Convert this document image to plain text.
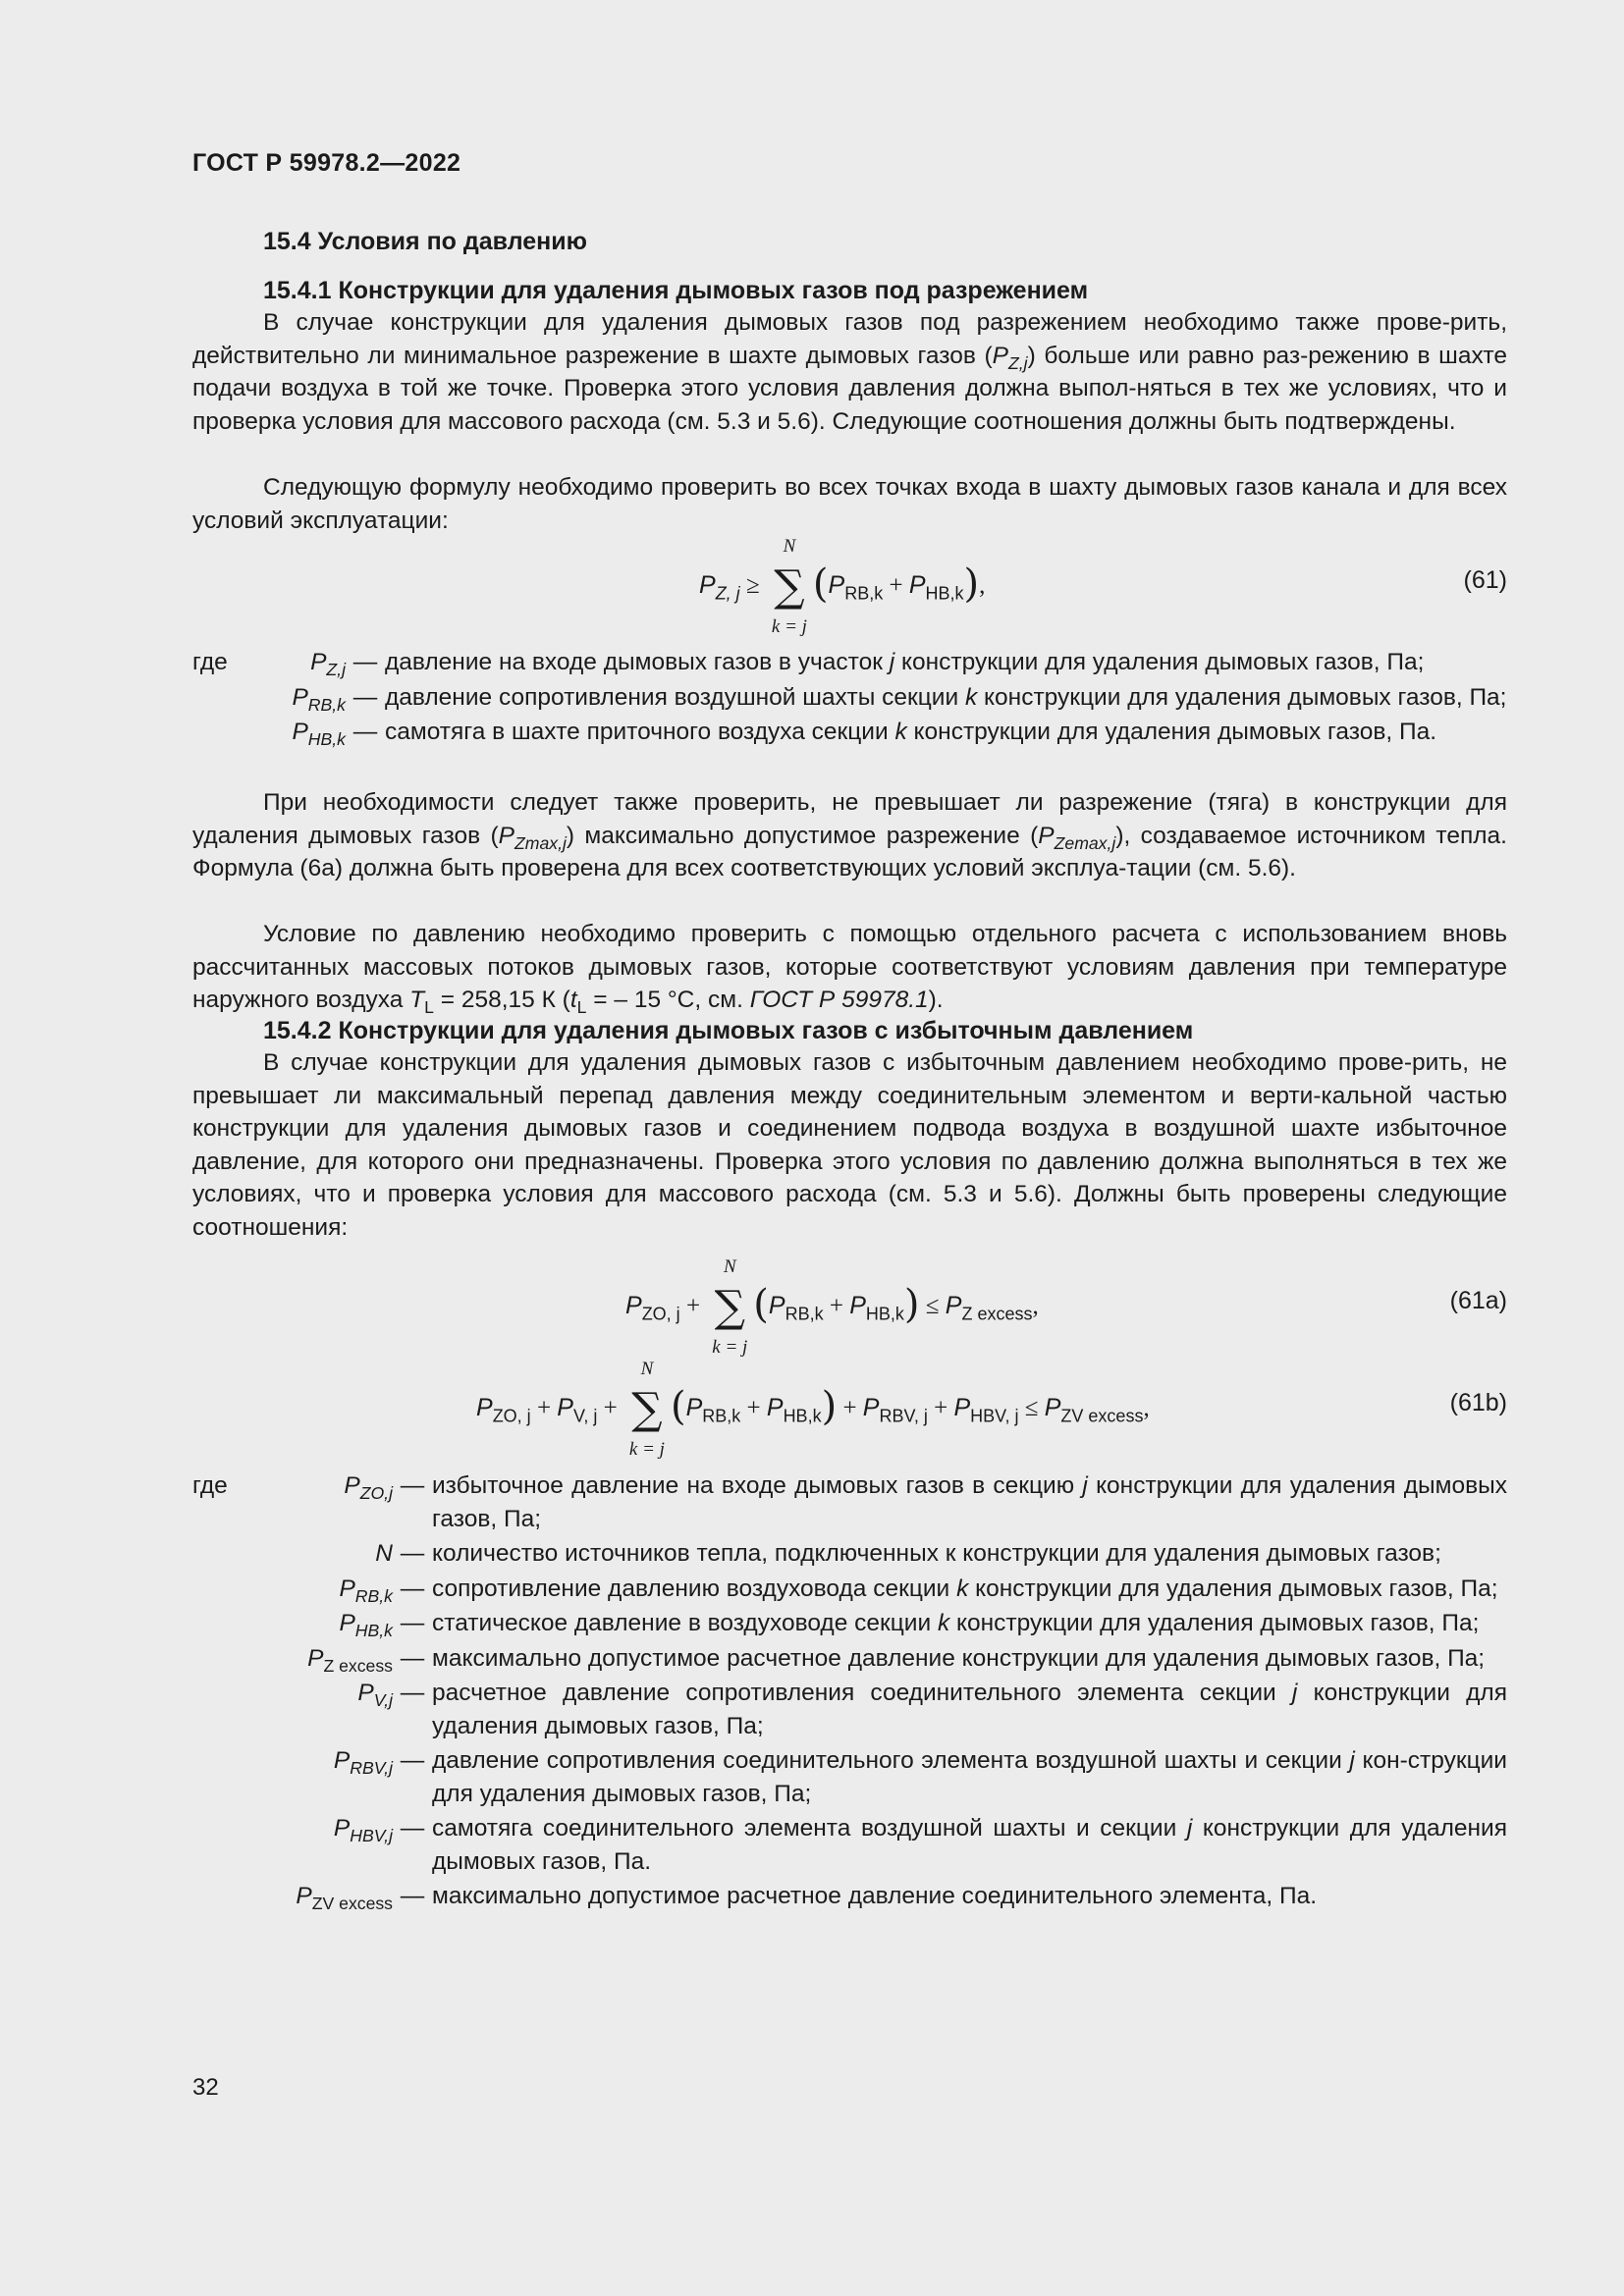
ГОСТ Р 59978.2—2022
15.4 Условия по давлению
15.4.1 Конструкции для удаления дымовых газов под разрежением

В случае конструкции для удаления дымовых газов под разрежением необходимо также прове-рить, действительно ли минимальное разрежение в шахте дымовых газов $(P_{Z,j})$ больше или равно раз-режению в шахте подачи воздуха в той же точке. Проверка этого условия давления должна выпол-няться в тех же условиях, что и проверка условия для массового расхода (см. 5.3 и 5.6). Следующие соотношения должны быть подтверждены.

Следующую формулу необходимо проверить во всех точках входа в шахту дымовых газов канала и для всех условий эксплуатации:

$P_{Z, j}$ ≥
N
∑
k = j
$(P_{RB,k} + P_{HB,k})$,	(61)
где	$P_{Z,j}$ — давление на входе дымовых газов в участок j конструкции для удаления дымовых газов, Па;
$P_{RB,k}$ — давление сопротивления воздушной шахты секции k конструкции для удаления дымовых газов, Па;
$P_{HB,k}$ — самотяга в шахте приточного воздуха секции k конструкции для удаления дымовых газов, Па.

При необходимости следует также проверить, не превышает ли разрежение (тяга) в конструкции для удаления дымовых газов $(P_{Zmax,j})$ максимально допустимое разрежение $(P_{Zemax,j})$, создаваемое источником тепла. Формула (6а) должна быть проверена для всех соответствующих условий эксплуа-тации (см. 5.6).

Условие по давлению необходимо проверить с помощью отдельного расчета с использованием вновь рассчитанных массовых потоков дымовых газов, которые соответствуют условиям давления при температуре наружного воздуха $T_L = 258,15$ К ($t_L$ = – 15 °С, см. ГОСТ Р 59978.1).

15.4.2 Конструкции для удаления дымовых газов с избыточным давлением

В случае конструкции для удаления дымовых газов с избыточным давлением необходимо прове-рить, не превышает ли максимальный перепад давления между соединительным элементом и верти-кальной частью конструкции для удаления дымовых газов и соединением подвода воздуха в воздушной шахте избыточное давление, для которого они предназначены. Проверка этого условия по давлению должна выполняться в тех же условиях, что и проверка условия для массового расхода (см. 5.3 и 5.6). Должны быть проверены следующие соотношения:

$P_{ZO, j}$ +
N
∑
k = j
$(P_{RB,k} + P_{HB,k}) \le P_{Z excess}$,	(61a)
$P_{ZO, j} + P_{V, j}$ +
N
∑
k = j
$(P_{RB,k} + P_{HB,k}) + P_{RBV, j} + P_{HBV, j} \le P_{ZV excess}$,	(61b)
где	$P_{ZO,j}$ — избыточное давление на входе дымовых газов в секцию j конструкции для удаления дымовых газов, Па;
N — количество источников тепла, подключенных к конструкции для удаления дымовых газов;
$P_{RB,k}$ — сопротивление давлению воздуховода секции k конструкции для удаления дымовых газов, Па;
$P_{HB,k}$ — статическое давление в воздуховоде секции k конструкции для удаления дымовых газов, Па;
$P_{Z excess}$ — максимально допустимое расчетное давление конструкции для удаления дымовых газов, Па;
$P_{V,j}$ — расчетное давление сопротивления соединительного элемента секции j конструкции для удаления дымовых газов, Па;
$P_{RBV,j}$ — давление сопротивления соединительного элемента воздушной шахты и секции j кон-струкции для удаления дымовых газов, Па;
$P_{HBV,j}$ — самотяга соединительного элемента воздушной шахты и секции j конструкции для удаления дымовых газов, Па.
$P_{ZV excess}$ — максимально допустимое расчетное давление соединительного элемента, Па.
32
